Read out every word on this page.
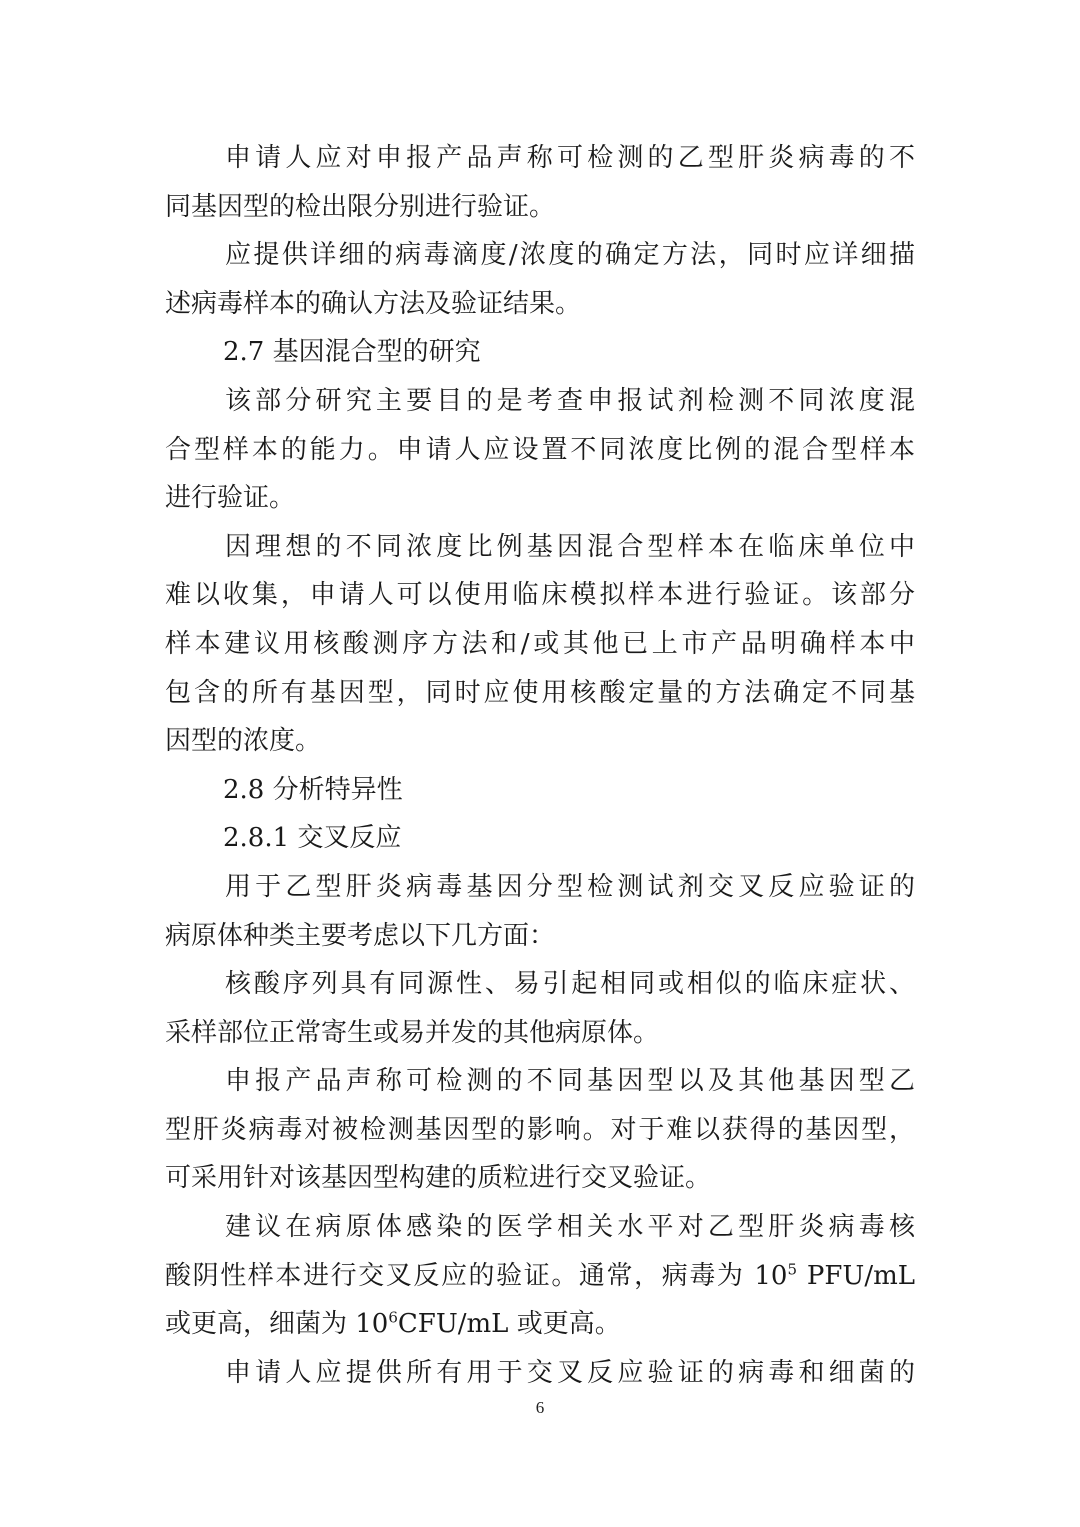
申请人应对申报产品声称可检测的乙型肝炎病毒的不
同基因型的检出限分别进行验证。
应提供详细的病毒滴度/浓度的确定方法，同时应详细描
述病毒样本的确认方法及验证结果。
2.7 基因混合型的研究
该部分研究主要目的是考查申报试剂检测不同浓度混
合型样本的能力。申请人应设置不同浓度比例的混合型样本
进行验证。
因理想的不同浓度比例基因混合型样本在临床单位中
难以收集，申请人可以使用临床模拟样本进行验证。该部分
样本建议用核酸测序方法和/或其他已上市产品明确样本中
包含的所有基因型，同时应使用核酸定量的方法确定不同基
因型的浓度。
2.8 分析特异性
2.8.1 交叉反应
用于乙型肝炎病毒基因分型检测试剂交叉反应验证的
病原体种类主要考虑以下几方面：
核酸序列具有同源性、易引起相同或相似的临床症状、
采样部位正常寄生或易并发的其他病原体。
申报产品声称可检测的不同基因型以及其他基因型乙
型肝炎病毒对被检测基因型的影响。对于难以获得的基因型，
可采用针对该基因型构建的质粒进行交叉验证。
建议在病原体感染的医学相关水平对乙型肝炎病毒核
酸阴性样本进行交叉反应的验证。通常，病毒为 $10^5$ PFU/mL
或更高，细菌为 $10^6CFU/mL$ 或更高。
申请人应提供所有用于交叉反应验证的病毒和细菌的
6
